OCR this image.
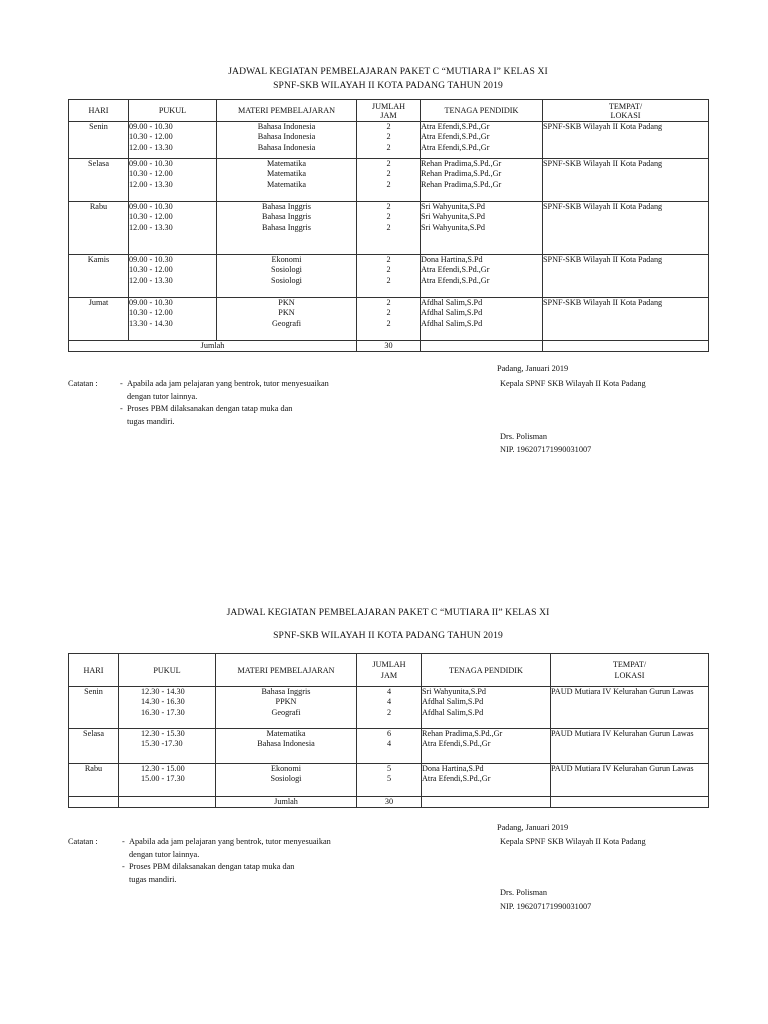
JADWAL KEGIATAN PEMBELAJARAN PAKET C “MUTIARA I” KELAS XI
SPNF-SKB WILAYAH II KOTA PADANG TAHUN 2019
HARI	PUKUL	MATERI PEMBELAJARAN	JUMLAH
JAM	TENAGA PENDIDIK	TEMPAT/
LOKASI

Senin	09.00 - 10.30
10.30 - 12.00
12.00 - 13.30	Bahasa Indonesia
Bahasa Indonesia
Bahasa Indonesia	2
2
2	Atra Efendi,S.Pd.,Gr
Atra Efendi,S.Pd.,Gr
Atra Efendi,S.Pd.,Gr	SPNF-SKB Wilayah II Kota Padang

Selasa	09.00 - 10.30
10.30 - 12.00
12.00 - 13.30	Matematika
Matematika
Matematika	2
2
2	Rehan Pradima,S.Pd.,Gr
Rehan Pradima,S.Pd.,Gr
Rehan Pradima,S.Pd.,Gr	SPNF-SKB Wilayah II Kota Padang

Rabu	09.00 - 10.30
10.30 - 12.00
12.00 - 13.30	Bahasa Inggris
Bahasa Inggris
Bahasa Inggris	2
2
2	Sri Wahyunita,S.Pd
Sri Wahyunita,S.Pd
Sri Wahyunita,S.Pd	SPNF-SKB Wilayah II Kota Padang

Kamis	09.00 - 10.30
10.30 - 12.00
12.00 - 13.30	Ekonomi
Sosiologi
Sosiologi	2
2
2	Dona Hartina,S.Pd
Atra Efendi,S.Pd.,Gr
Atra Efendi,S.Pd.,Gr	SPNF-SKB Wilayah II Kota Padang

Jumat	09.00 - 10.30
10.30 - 12.00
13.30 - 14.30	PKN
PKN
Geografi	2
2
2	Afdhal Salim,S.Pd
Afdhal Salim,S.Pd
Afdhal Salim,S.Pd	SPNF-SKB Wilayah II Kota Padang

Jumlah			30		
Catatan :	- Apabila ada jam pelajaran yang bentrok, tutor menyesuaikan
dengan tutor lainnya.
- Proses PBM dilaksanakan dengan tatap muka dan
tugas mandiri.
Padang, Januari 2019
Kepala SPNF SKB Wilayah II Kota Padang
Drs. Polisman
NIP. 196207171990031007
JADWAL KEGIATAN PEMBELAJARAN PAKET C “MUTIARA II” KELAS XI
SPNF-SKB WILAYAH II KOTA PADANG TAHUN 2019
HARI	PUKUL	MATERI PEMBELAJARAN	JUMLAH
JAM	TENAGA PENDIDIK	TEMPAT/
LOKASI

Senin	12.30 - 14.30
14.30 - 16.30
16.30 - 17.30	Bahasa Inggris
PPKN
Geografi	4
4
2	Sri Wahyunita,S.Pd
Afdhal Salim,S.Pd
Afdhal Salim,S.Pd	PAUD Mutiara IV Kelurahan Gurun Lawas

Selasa	12.30 - 15.30
15.30 -17.30	Matematika
Bahasa Indonesia	6
4	Rehan Pradima,S.Pd.,Gr
Atra Efendi,S.Pd.,Gr	PAUD Mutiara IV Kelurahan Gurun Lawas

Rabu	12.30 - 15.00
15.00 - 17.30	Ekonomi
Sosiologi	5
5	Dona Hartina,S.Pd
Atra Efendi,S.Pd.,Gr	PAUD Mutiara IV Kelurahan Gurun Lawas
		Jumlah	30		
Catatan :	- Apabila ada jam pelajaran yang bentrok, tutor menyesuaikan
dengan tutor lainnya.
- Proses PBM dilaksanakan dengan tatap muka dan
tugas mandiri.
Padang, Januari 2019
Kepala SPNF SKB Wilayah II Kota Padang
Drs. Polisman
NIP. 196207171990031007
